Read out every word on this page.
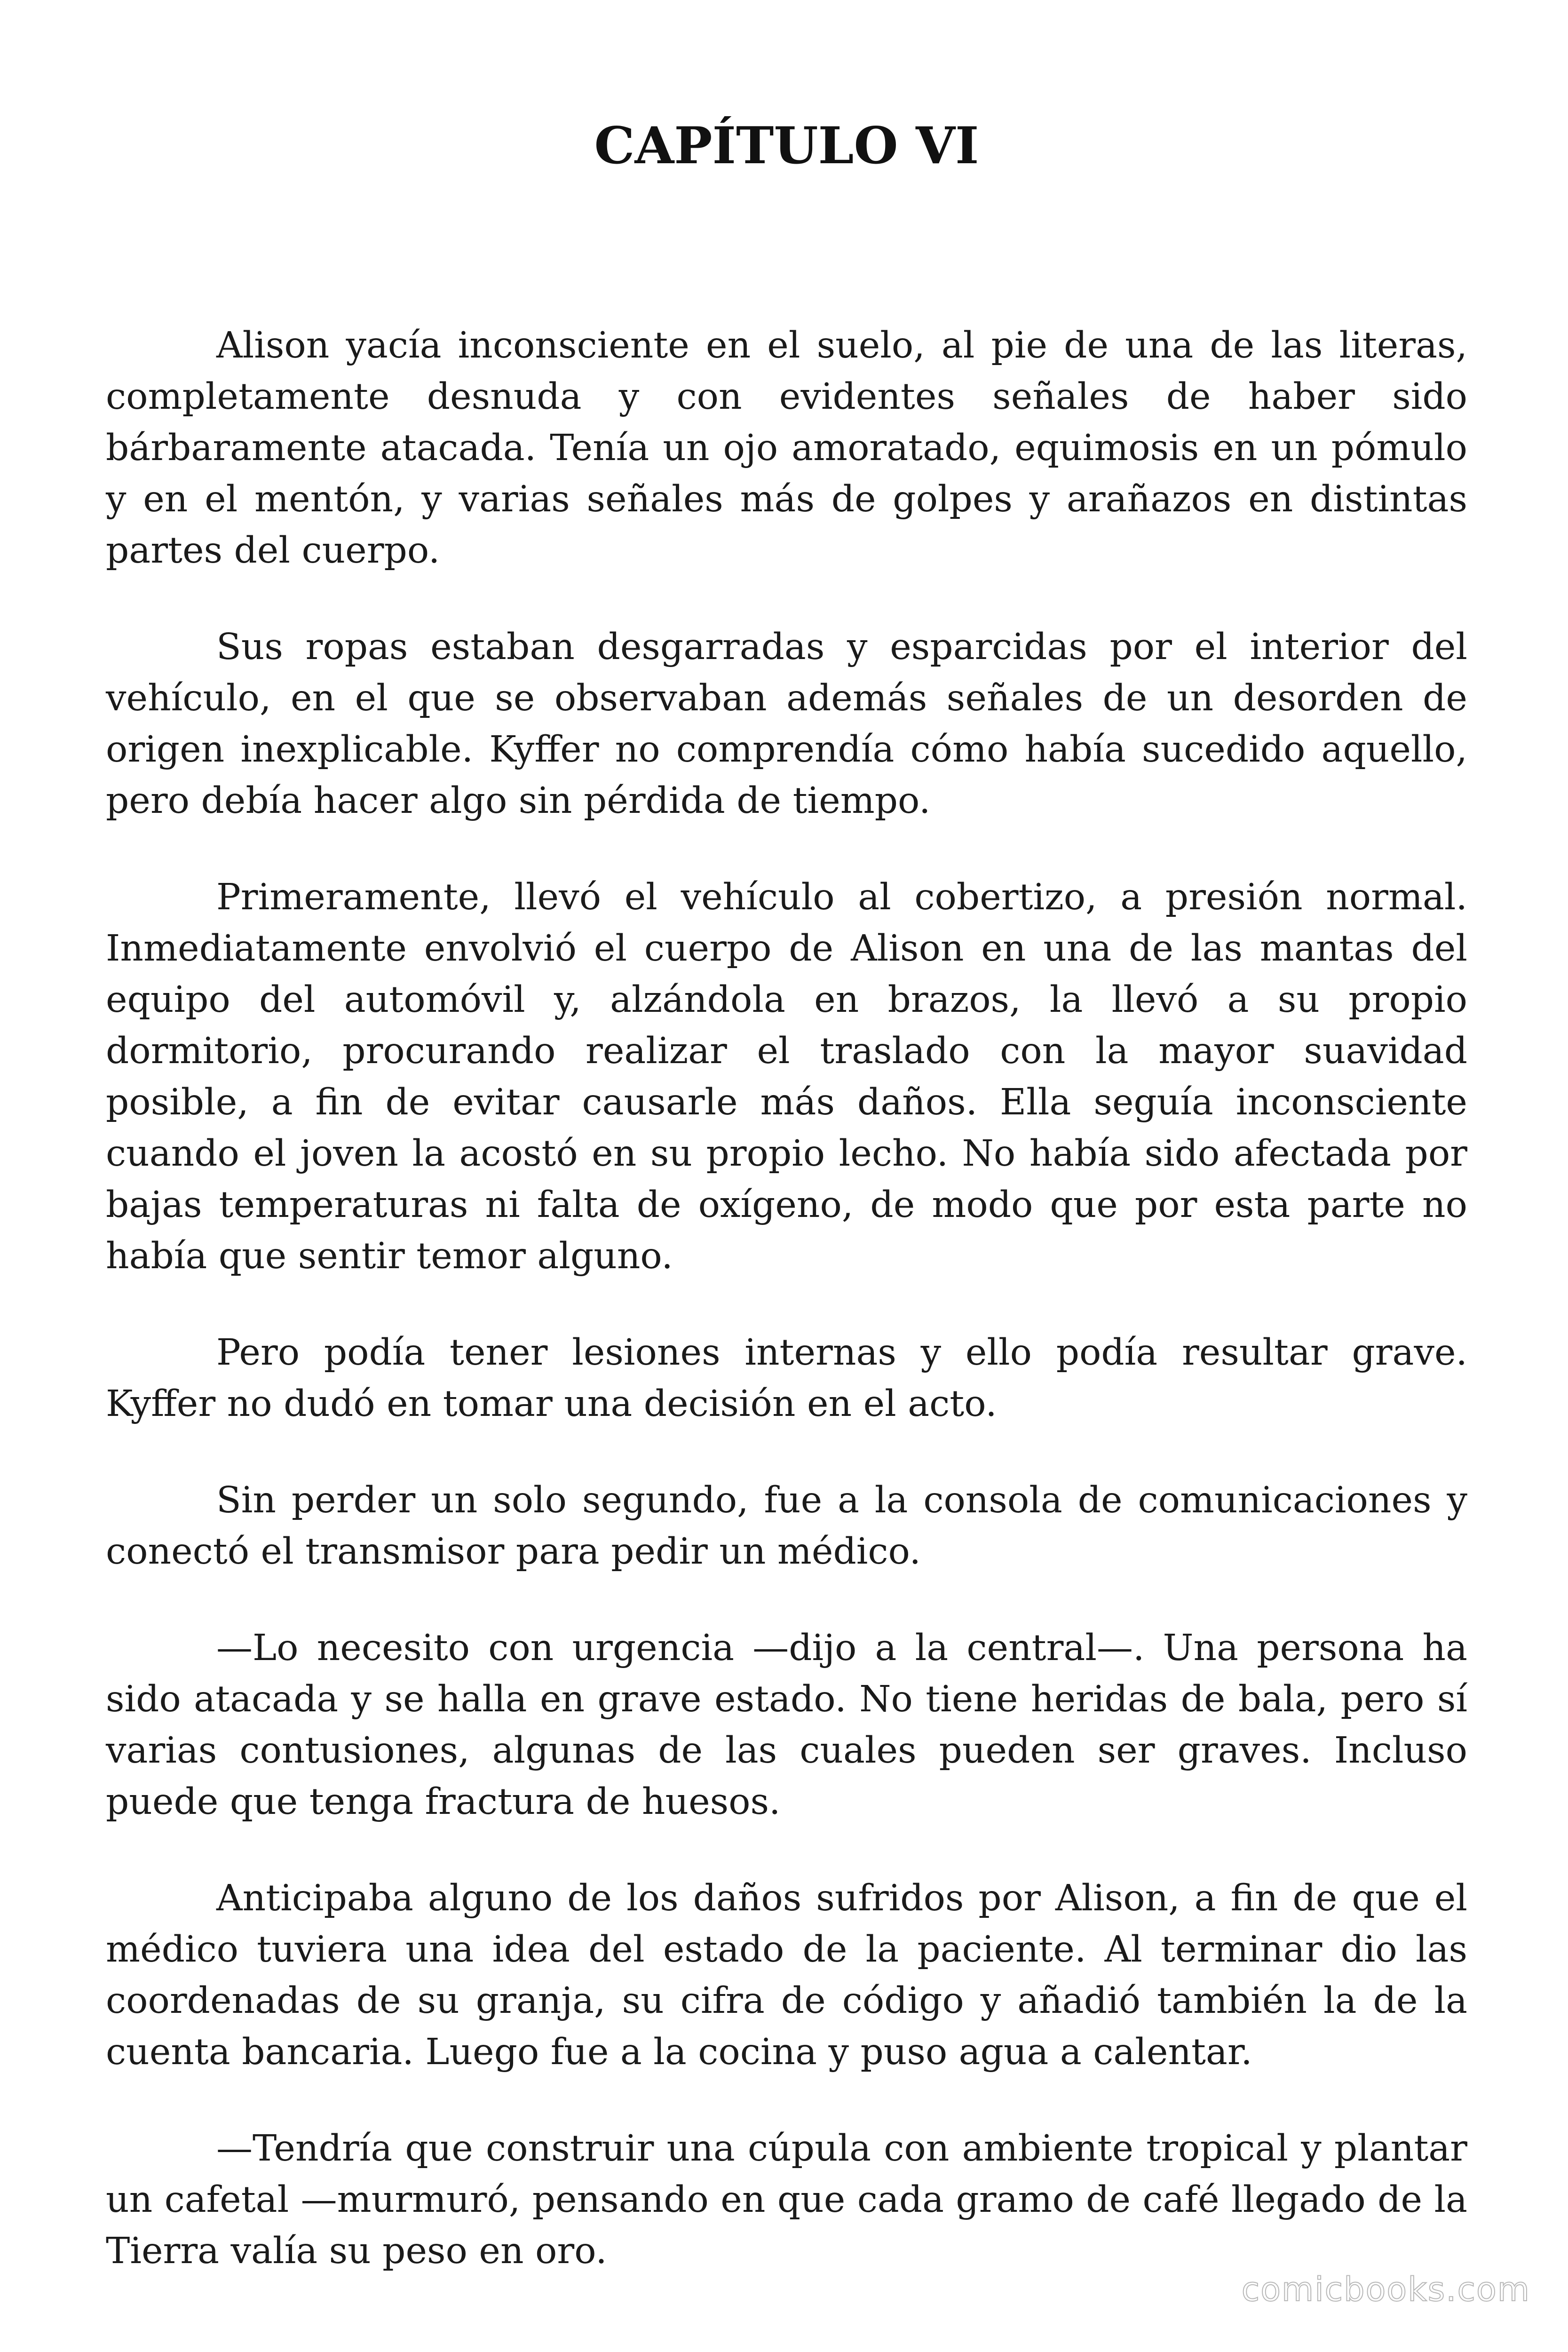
CAPÍTULO VI

Alison yacía inconsciente en el suelo, al pie de una de las literas, completamente desnuda y con evidentes señales de haber sido bárbaramente atacada. Tenía un ojo amoratado, equimosis en un pómulo y en el mentón, y varias señales más de golpes y arañazos en distintas partes del cuerpo.

Sus ropas estaban desgarradas y esparcidas por el interior del vehículo, en el que se observaban además señales de un desorden de origen inexplicable. Kyffer no comprendía cómo había sucedido aquello, pero debía hacer algo sin pérdida de tiempo.

Primeramente, llevó el vehículo al cobertizo, a presión normal. Inmediatamente envolvió el cuerpo de Alison en una de las mantas del equipo del automóvil y, alzándola en brazos, la llevó a su propio dormitorio, procurando realizar el traslado con la mayor suavidad posible, a fin de evitar causarle más daños. Ella seguía inconsciente cuando el joven la acostó en su propio lecho. No había sido afectada por bajas temperaturas ni falta de oxígeno, de modo que por esta parte no había que sentir temor alguno.

Pero podía tener lesiones internas y ello podía resultar grave. Kyffer no dudó en tomar una decisión en el acto.

Sin perder un solo segundo, fue a la consola de comunicaciones y conectó el transmisor para pedir un médico.

—Lo necesito con urgencia —dijo a la central—. Una persona ha sido atacada y se halla en grave estado. No tiene heridas de bala, pero sí varias contusiones, algunas de las cuales pueden ser graves. Incluso puede que tenga fractura de huesos.

Anticipaba alguno de los daños sufridos por Alison, a fin de que el médico tuviera una idea del estado de la paciente. Al terminar dio las coordenadas de su granja, su cifra de código y añadió también la de la cuenta bancaria. Luego fue a la cocina y puso agua a calentar.

—Tendría que construir una cúpula con ambiente tropical y plantar un cafetal —murmuró, pensando en que cada gramo de café llegado de la Tierra valía su peso en oro.

comicbooks.com
